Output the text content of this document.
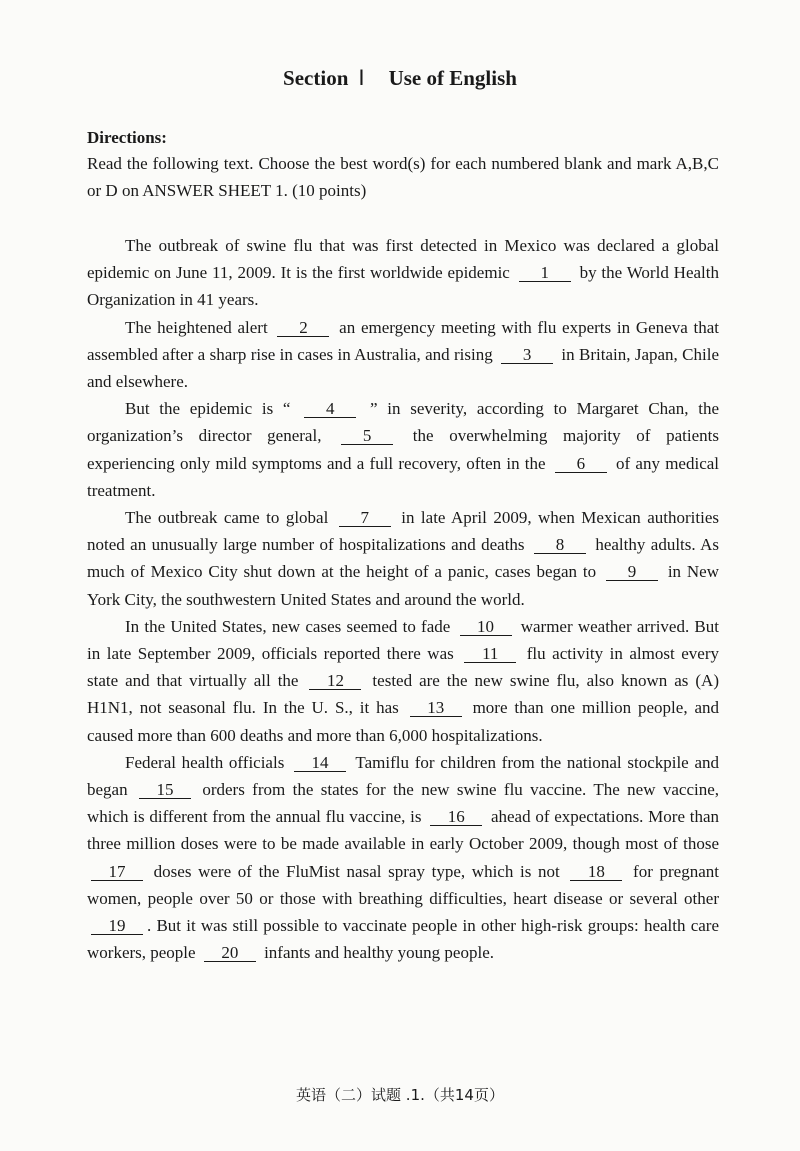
Section Ⅰ Use of English
Directions:
Read the following text. Choose the best word(s) for each numbered blank and mark A,B,C or D on ANSWER SHEET 1. (10 points)

The outbreak of swine flu that was first detected in Mexico was declared a global epidemic on June 11, 2009. It is the first worldwide epidemic 1 by the World Health Organization in 41 years.

The heightened alert 2 an emergency meeting with flu experts in Geneva that assembled after a sharp rise in cases in Australia, and rising 3 in Britain, Japan, Chile and elsewhere.

But the epidemic is “ 4 ” in severity, according to Margaret Chan, the organization’s director general, 5 the overwhelming majority of patients experiencing only mild symptoms and a full recovery, often in the 6 of any medical treatment.

The outbreak came to global 7 in late April 2009, when Mexican authorities noted an unusually large number of hospitalizations and deaths 8 healthy adults. As much of Mexico City shut down at the height of a panic, cases began to 9 in New York City, the southwestern United States and around the world.

In the United States, new cases seemed to fade 10 warmer weather arrived. But in late September 2009, officials reported there was 11 flu activity in almost every state and that virtually all the 12 tested are the new swine flu, also known as (A) H1N1, not seasonal flu. In the U. S., it has 13 more than one million people, and caused more than 600 deaths and more than 6,000 hospitalizations.

Federal health officials 14 Tamiflu for children from the national stockpile and began 15 orders from the states for the new swine flu vaccine. The new vaccine, which is different from the annual flu vaccine, is 16 ahead of expectations. More than three million doses were to be made available in early October 2009, though most of those 17 doses were of the FluMist nasal spray type, which is not 18 for pregnant women, people over 50 or those with breathing difficulties, heart disease or several other 19 . But it was still possible to vaccinate people in other high-risk groups: health care workers, people 20 infants and healthy young people.

英语（二）试题 .1.（共14页）
